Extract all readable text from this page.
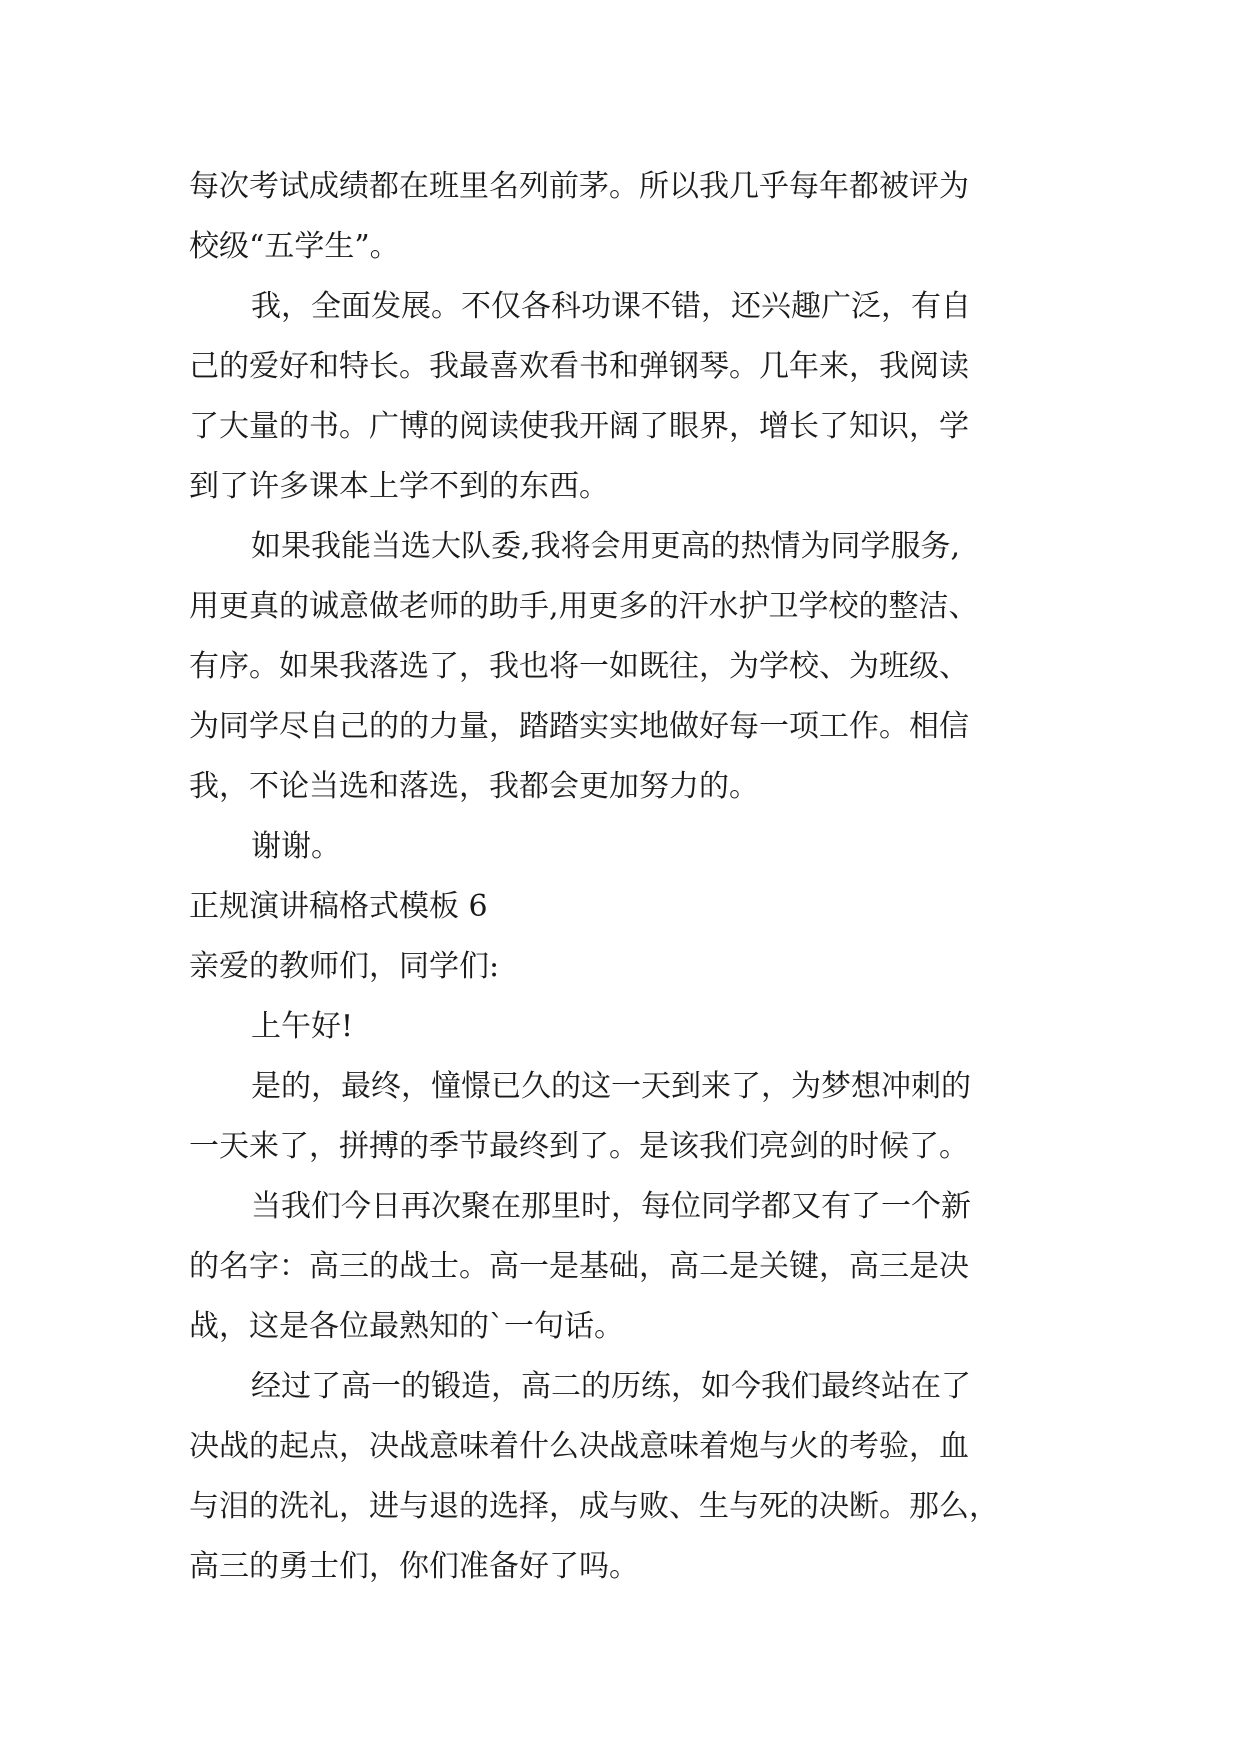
每次考试成绩都在班里名列前茅。所以我几乎每年都被评为
校级“五学生”。
我，全面发展。不仅各科功课不错，还兴趣广泛，有自
己的爱好和特长。我最喜欢看书和弹钢琴。几年来，我阅读
了大量的书。广博的阅读使我开阔了眼界，增长了知识，学
到了许多课本上学不到的东西。
如果我能当选大队委,我将会用更高的热情为同学服务,
用更真的诚意做老师的助手,用更多的汗水护卫学校的整洁、
有序。如果我落选了，我也将一如既往，为学校、为班级、
为同学尽自己的的力量，踏踏实实地做好每一项工作。相信
我，不论当选和落选，我都会更加努力的。
谢谢。
正规演讲稿格式模板 6
亲爱的教师们，同学们:
上午好!
是的，最终，憧憬已久的这一天到来了，为梦想冲刺的
一天来了，拼搏的季节最终到了。是该我们亮剑的时候了。
当我们今日再次聚在那里时，每位同学都又有了一个新
的名字：高三的战士。高一是基础，高二是关键，高三是决
战，这是各位最熟知的`一句话。
经过了高一的锻造，高二的历练，如今我们最终站在了
决战的起点，决战意味着什么决战意味着炮与火的考验，血
与泪的洗礼，进与退的选择，成与败、生与死的决断。那么，
高三的勇士们，你们准备好了吗。
